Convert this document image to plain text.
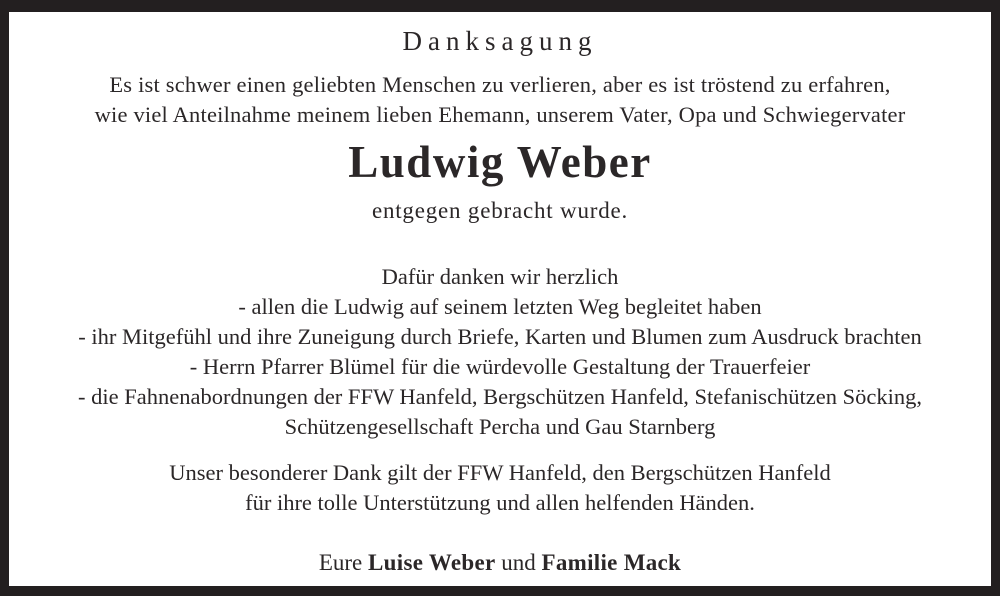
Danksagung
Es ist schwer einen geliebten Menschen zu verlieren, aber es ist tröstend zu erfahren,
wie viel Anteilnahme meinem lieben Ehemann, unserem Vater, Opa und Schwiegervater
Ludwig Weber
entgegen gebracht wurde.
Dafür danken wir herzlich
- allen die Ludwig auf seinem letzten Weg begleitet haben
- ihr Mitgefühl und ihre Zuneigung durch Briefe, Karten und Blumen zum Ausdruck brachten
- Herrn Pfarrer Blümel für die würdevolle Gestaltung der Trauerfeier
- die Fahnenabordnungen der FFW Hanfeld, Bergschützen Hanfeld, Stefanischützen Söcking,
Schützengesellschaft Percha und Gau Starnberg
Unser besonderer Dank gilt der FFW Hanfeld, den Bergschützen Hanfeld
für ihre tolle Unterstützung und allen helfenden Händen.
Eure Luise Weber und Familie Mack
